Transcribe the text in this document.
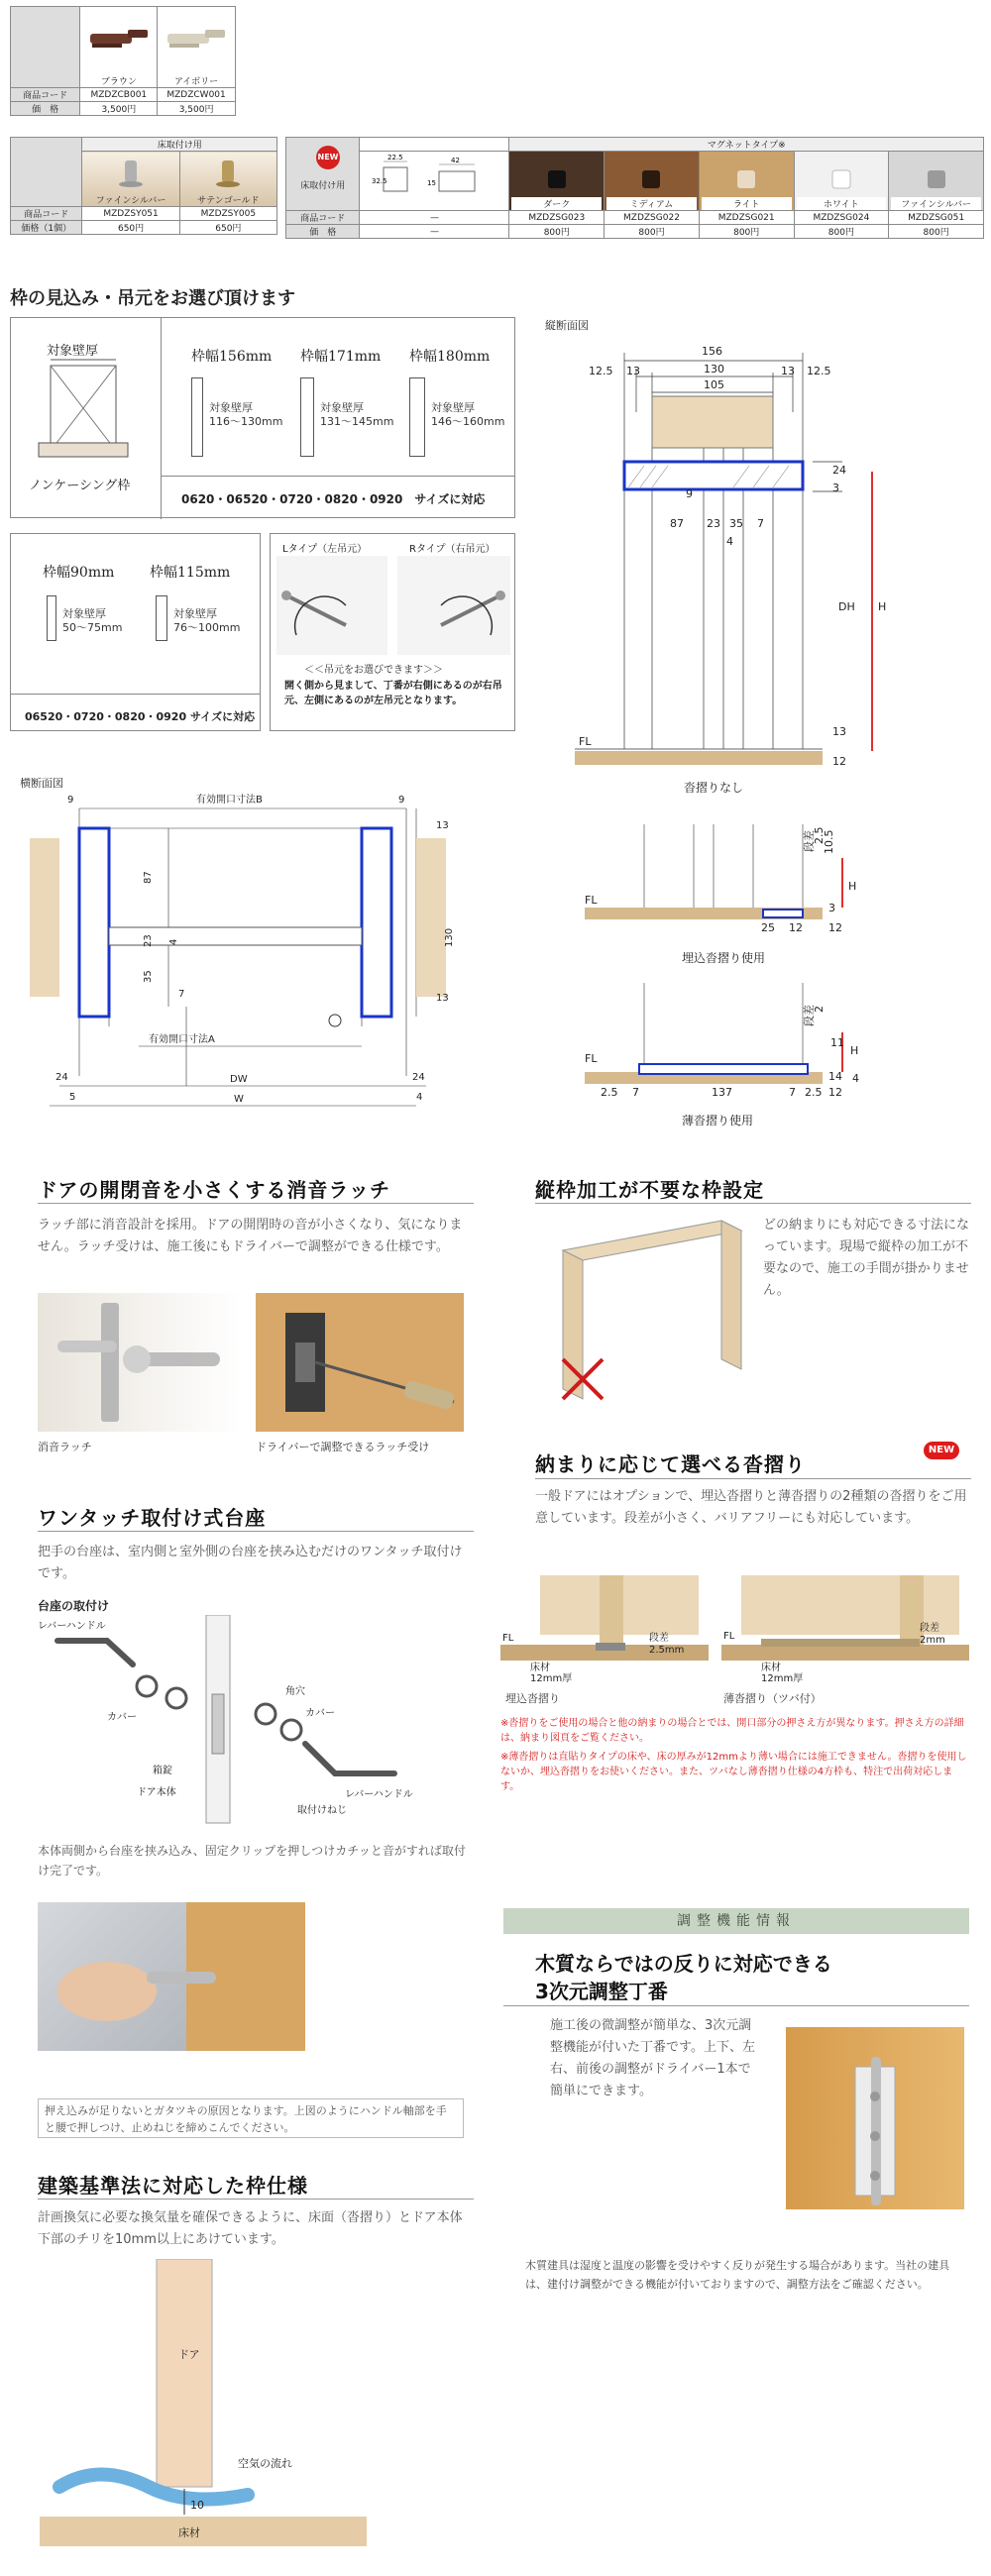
	ブラウン	アイボリー	

商品コード	MZDZCB001	MZDZCW001	
価　格	3,500円	3,500円	
	床取付け用	

	ファインシルバー	サテンゴールド

商品コード	MZDZSY051	MZDZSY005
価格（1個）	650円	650円
NEW
床取付け用		マグネットタイプ※				

22.5 42
32.5 15	ダーク	ミディアム	ライト	ホワイト	ファインシルバー

商品コード	—	MZDZSG023	MZDZSG022	MZDZSG021	MZDZSG024	MZDZSG051
価　格	—	800円	800円	800円	800円	800円
枠の見込み・吊元をお選び頂けます
対象壁厚
ノンケーシング枠
枠幅156mm 枠幅171mm 枠幅180mm
対象壁厚
116〜130mm
対象壁厚
131〜145mm
対象壁厚
146〜160mm
0620・06520・0720・0820・0920　サイズに対応
枠幅90mm	枠幅115mm
対象壁厚
50〜75mm
対象壁厚
76〜100mm
06520・0720・0820・0920 サイズに対応
Lタイプ（左吊元）	Rタイプ（右吊元）
＜＜吊元をお選びできます＞＞
開く側から見まして、丁番が右側にあるのが右吊元、左側にあるのが左吊元となります。
縦断面図
156
130
105
12.5 13	13 12.5
87 23 35 7
4
9
24
3
13
12
DH H
FL
沓摺りなし
横断面図
9	9
有効開口寸法B
13
87
23 4
35
7
130
13
有効開口寸法A
24	24
5	4
DW
W
FL
段差
2.5
10.5
3
H
25 12 12
埋込沓摺り使用
FL
段差
2
11
H
14 4
12
2.5 7	137	7 2.5
薄沓摺り使用
ドアの開閉音を小さくする消音ラッチ
ラッチ部に消音設計を採用。ドアの開閉時の音が小さくなり、気になりません。ラッチ受けは、施工後にもドライバーで調整ができる仕様です。
消音ラッチ	ドライバーで調整できるラッチ受け
縦枠加工が不要な枠設定
どの納まりにも対応できる寸法になっています。現場で縦枠の加工が不要なので、施工の手間が掛かりません。
納まりに応じて選べる沓摺り
NEW
一般ドアにはオプションで、埋込沓摺りと薄沓摺りの2種類の沓摺りをご用意しています。段差が小さく、バリアフリーにも対応しています。
FL	段差
2.5mm
床材
12mm厚
埋込沓摺り
FL
段差
2mm
床材
12mm厚
薄沓摺り（ツバ付）
※沓摺りをご使用の場合と他の納まりの場合とでは、開口部分の押さえ方が異なります。押さえ方の詳細は、納まり図頁をご覧ください。
※薄沓摺りは直貼りタイプの床や、床の厚みが12mmより薄い場合には施工できません。沓摺りを使用しないか、埋込沓摺りをお使いください。また、ツバなし薄沓摺り仕様の4方枠も、特注で出荷対応します。
ワンタッチ取付け式台座
把手の台座は、室内側と室外側の台座を挟み込むだけのワンタッチ取付けです。
台座の取付け
レバーハンドル
カバー
箱錠
ドア本体
角穴
カバー
レバーハンドル
取付けねじ
本体両側から台座を挟み込み、固定クリップを押しつけカチッと音がすれば取付け完了です。
押え込みが足りないとガタツキの原因となります。上図のようにハンドル軸部を手と腰で押しつけ、止めねじを締めこんでください。
調整機能情報
木質ならではの反りに対応できる
3次元調整丁番
施工後の微調整が簡単な、3次元調整機能が付いた丁番です。上下、左右、前後の調整がドライバー1本で簡単にできます。
木質建具は湿度と温度の影響を受けやすく反りが発生する場合があります。当社の建具は、建付け調整ができる機能が付いておりますので、調整方法をご確認ください。
建築基準法に対応した枠仕様
計画換気に必要な換気量を確保できるように、床面（沓摺り）とドア本体下部のチリを10mm以上にあけています。
ドア
空気の流れ
10
床材
